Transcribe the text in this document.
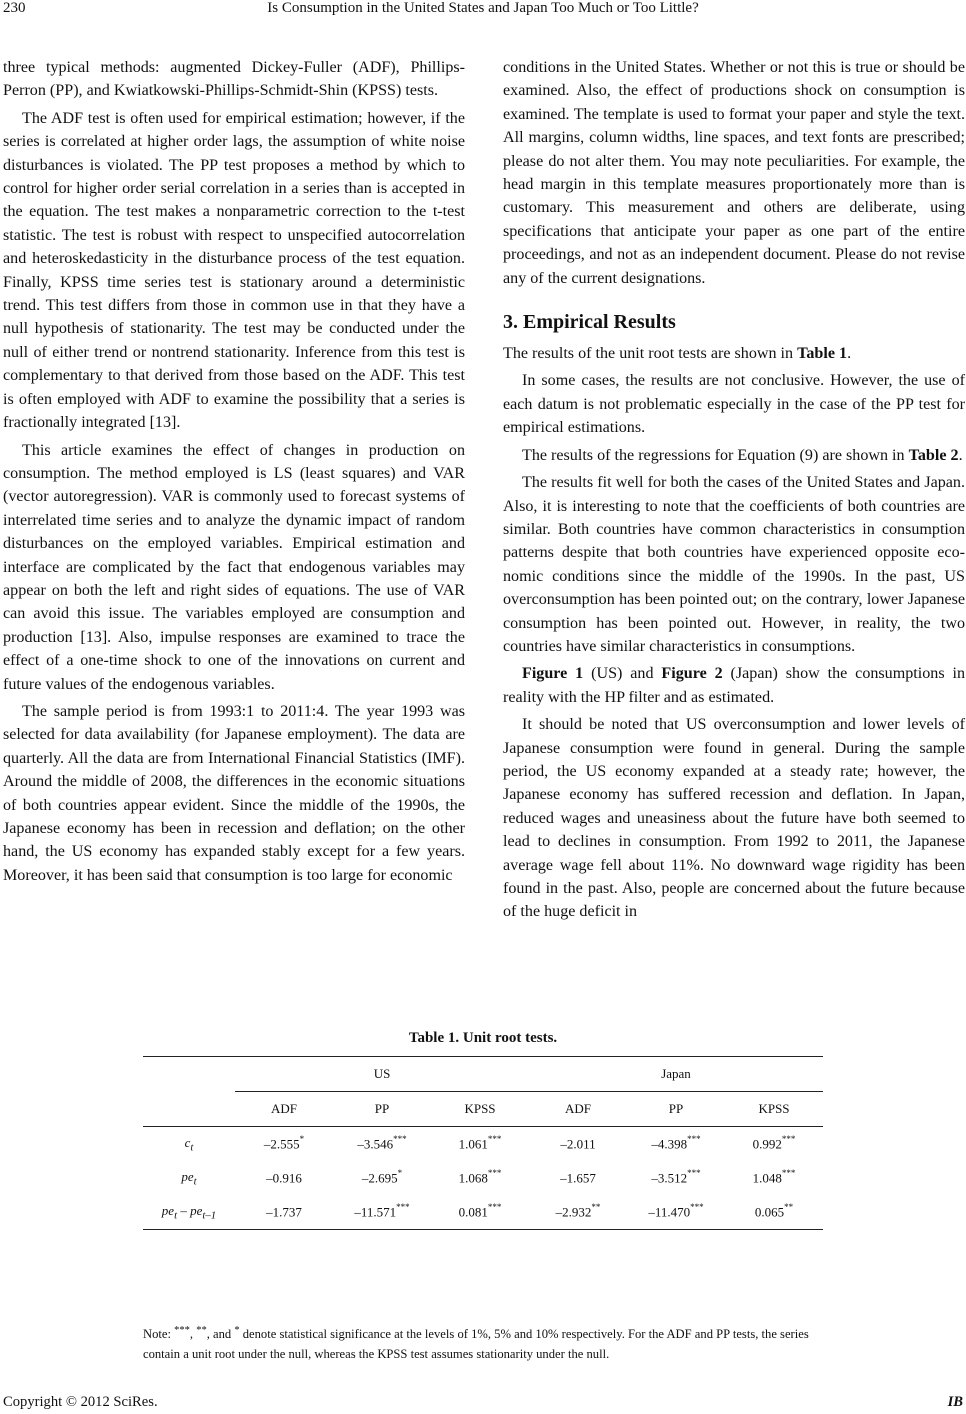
230	Is Consumption in the United States and Japan Too Much or Too Little?

three typical methods: augmented Dickey-Fuller (ADF), Phillips-Perron (PP), and Kwiatkowski-Phillips-Schmidt-Shin (KPSS) tests.

The ADF test is often used for empirical estimation; however, if the series is correlated at higher order lags, the assumption of white noise disturbances is violated. The PP test proposes a method by which to control for higher order serial correlation in a series than is accepted in the equation. The test makes a nonparametric correction to the t-test statistic. The test is robust with respect to unspecified autocorrelation and heteroskedasticity in the disturbance process of the test equation. Finally, KPSS time series test is stationary around a deterministic trend. This test differs from those in common use in that they have a null hypothesis of stationarity. The test may be conducted under the null of either trend or nontrend stationarity. Inference from this test is complementary to that derived from those based on the ADF. This test is often employed with ADF to examine the possibility that a series is fractionally integrated [13].

This article examines the effect of changes in production on consumption. The method employed is LS (least squares) and VAR (vector autoregression). VAR is commonly used to forecast systems of interrelated time series and to analyze the dynamic impact of random disturbances on the employed variables. Empirical estimation and interface are complicated by the fact that endogenous variables may appear on both the left and right sides of equations. The use of VAR can avoid this issue. The variables employed are consumption and production [13]. Also, impulse responses are examined to trace the effect of a one-time shock to one of the innovations on current and future values of the endogenous variables.

The sample period is from 1993:1 to 2011:4. The year 1993 was selected for data availability (for Japanese employment). The data are quarterly. All the data are from International Financial Statistics (IMF). Around the middle of 2008, the differences in the economic situations of both countries appear evident. Since the middle of the 1990s, the Japanese economy has been in recession and deflation; on the other hand, the US economy has expanded stably except for a few years. Moreover, it has been said that consumption is too large for economic

conditions in the United States. Whether or not this is true or should be examined. Also, the effect of productions shock on consumption is examined. The template is used to format your paper and style the text. All margins, column widths, line spaces, and text fonts are prescribed; please do not alter them. You may note peculiarities. For example, the head margin in this template measures proportionately more than is customary. This measurement and others are deliberate, using specifications that anticipate your paper as one part of the entire proceedings, and not as an independent document. Please do not revise any of the current designations.

3. Empirical Results

The results of the unit root tests are shown in Table 1.

In some cases, the results are not conclusive. However, the use of each datum is not problematic especially in the case of the PP test for empirical estimations.

The results of the regressions for Equation (9) are shown in Table 2.

The results fit well for both the cases of the United States and Japan. Also, it is interesting to note that the coefficients of both countries are similar. Both countries have common characteristics in consumption patterns despite that both countries have experienced opposite economic conditions since the middle of the 1990s. In the past, US overconsumption has been pointed out; on the contrary, lower Japanese consumption has been pointed out. However, in reality, the two countries have similar characteristics in consumptions.

Figure 1 (US) and Figure 2 (Japan) show the consumptions in reality with the HP filter and as estimated.

It should be noted that US overconsumption and lower levels of Japanese consumption were found in general. During the sample period, the US economy expanded at a steady rate; however, the Japanese economy has suffered recession and deflation. In Japan, reduced wages and uneasiness about the future have both seemed to lead to declines in consumption. From 1992 to 2011, the Japanese average wage fell about 11%. No downward wage rigidity has been found in the past. Also, people are concerned about the future because of the huge deficit in

Table 1. Unit root tests.
	US			Japan		
	ADF	PP	KPSS	ADF	PP	KPSS
$c_t$	–2.555*	–3.546***	1.061***	–2.011	–4.398***	0.992***
$pe_t$	–0.916	–2.695*	1.068***	–1.657	–3.512***	1.048***
$pe_t - pe_{t-1}$	–1.737	–11.571***	0.081***	–2.932**	–11.470***	0.065**
Note: ***, **, and * denote statistical significance at the levels of 1%, 5% and 10% respectively. For the ADF and PP tests, the series contain a unit root under the null, whereas the KPSS test assumes stationarity under the null.
Copyright © 2012 SciRes.	IB
